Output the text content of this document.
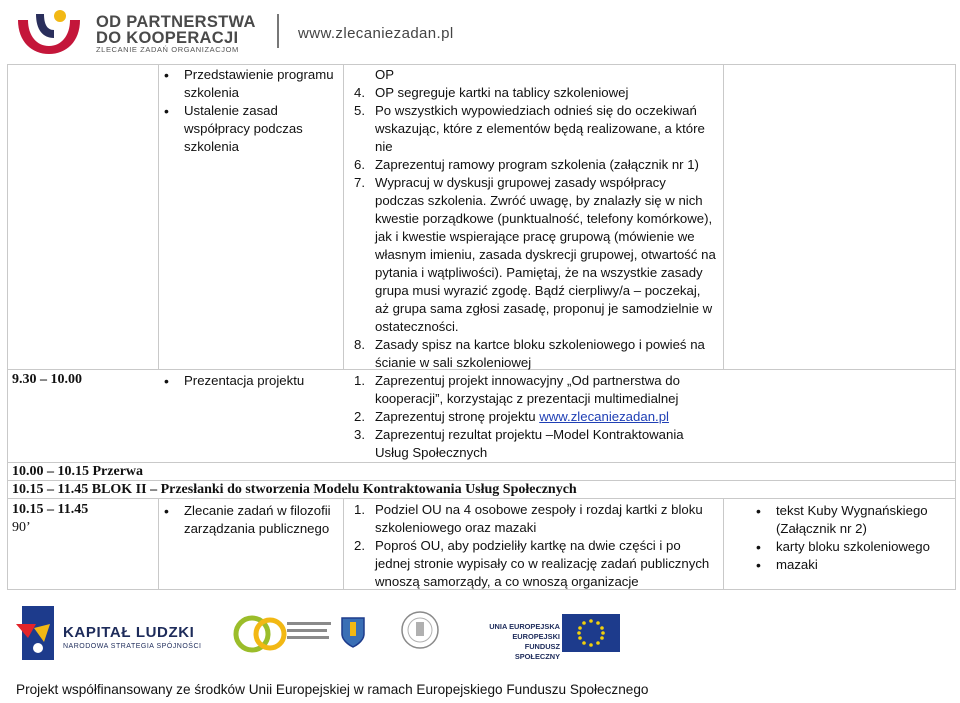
OD PARTNERSTWA
DO KOOPERACJI
ZLECANIE ZADAŃ ORGANIZACJOM
www.zlecaniezadan.pl
• Przedstawienie programu szkolenia
• Ustalenie zasad współpracy podczas szkolenia
OP
4. OP segreguje kartki na tablicy szkoleniowej
5. Po wszystkich wypowiedziach odnieś się do oczekiwań wskazując, które z elementów będą realizowane, a które nie
6. Zaprezentuj ramowy program szkolenia (załącznik nr 1)
7. Wypracuj w dyskusji grupowej zasady współpracy podczas szkolenia. Zwróć uwagę, by znalazły się w nich kwestie porządkowe (punktualność, telefony komórkowe), jak i kwestie wspierające pracę grupową (mówienie we własnym imieniu, zasada dyskrecji grupowej, otwartość na pytania i wątpliwości). Pamiętaj, że na wszystkie zasady grupa musi wyrazić zgodę. Bądź cierpliwy/a – poczekaj, aż grupa sama zgłosi zasadę, proponuj je samodzielnie w ostateczności.
8. Zasady spisz na kartce bloku szkoleniowego i powieś na ścianie w sali szkoleniowej
9.30 – 10.00
•	Prezentacja projektu	1. Zaprezentuj projekt innowacyjny „Od partnerstwa do kooperacji”, korzystając z prezentacji multimedialnej
2. Zaprezentuj stronę projektu www.zlecaniezadan.pl
3. Zaprezentuj rezultat projektu –Model Kontraktowania Usług Społecznych
10.00 – 10.15 Przerwa
10.15 – 11.45 BLOK II – Przesłanki do stworzenia Modelu Kontraktowania Usług Społecznych
10.15 – 11.45
90’
• Zlecanie zadań w filozofii zarządzania publicznego
1. Podziel OU na 4 osobowe zespoły i rozdaj kartki z bloku szkoleniowego oraz mazaki
2. Poproś OU, aby podzieliły kartkę na dwie części i po jednej stronie wypisały co w realizację zadań publicznych wnoszą samorządy, a co wnoszą organizacje
• tekst Kuby Wygnańskiego (Załącznik nr 2)
• karty bloku szkoleniowego
• mazaki
KAPITAŁ LUDZKI
NARODOWA STRATEGIA SPÓJNOŚCI
UNIA EUROPEJSKA
EUROPEJSKI
FUNDUSZ SPOŁECZNY
Projekt współfinansowany ze środków Unii Europejskiej w ramach Europejskiego Funduszu Społecznego
